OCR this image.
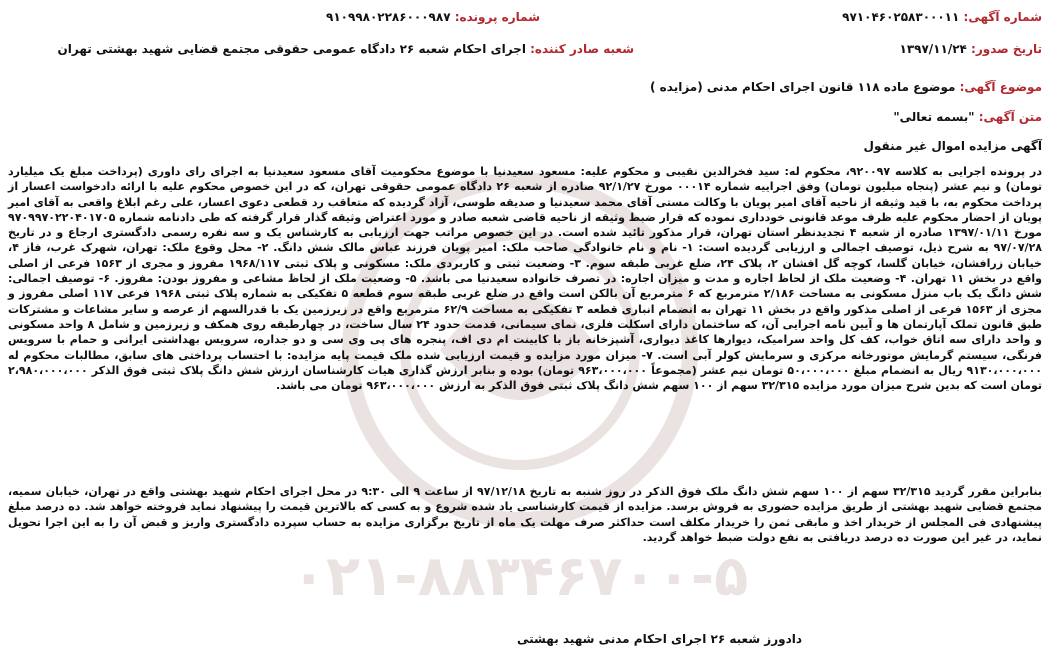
۰۲۱-۸۸۳۴۶۷۰۰-۵
شماره آگهی: ۹۷۱۰۴۶۰۲۵۸۳۰۰۰۱۱
شماره پرونده: ۹۱۰۹۹۸۰۲۲۸۶۰۰۰۹۸۷
تاریخ صدور: ۱۳۹۷/۱۱/۲۴
شعبه صادر کننده: اجرای احکام شعبه ۲۶ دادگاه عمومی حقوقی مجتمع قضایی شهید بهشتی تهران
موضوع آگهی: موضوع ماده ۱۱۸ قانون اجرای احکام مدنی (مزایده )
متن آگهی: "بسمه تعالی"
آگهی مزایده اموال غیر منقول

در پرونده اجرایی به کلاسه ۹۲۰۰۹۷، محکوم له: سید فخرالدین نقیبی و محکوم علیه: مسعود سعیدنیا با موضوع محکومیت آقای مسعود سعیدنیا به اجرای رای داوری (پرداخت مبلغ یک میلیارد تومان) و نیم عشر (پنجاه میلیون تومان) وفق اجراییه شماره ۰۰۰۱۴ مورخ ۹۲/۱/۲۷ صادره از شعبه ۲۶ دادگاه عمومی حقوقی تهران، که در این خصوص محکوم علیه با ارائه دادخواست اعسار از پرداخت محکوم به، با قید وثیقه از ناحیه آقای امیر پویان با وکالت مستی آقای محمد سعیدنیا و صدیقه طوسی، آزاد گردیده که متعاقب رد قطعی دعوی اعسار، علی رغم ابلاغ واقعی به آقای امیر پویان از احضار محکوم علیه ظرف موعد قانونی خودداری نموده که قرار ضبط وثیقه از ناحیه قاضی شعبه صادر و مورد اعتراض وثیقه گذار قرار گرفته که طی دادنامه شماره ۹۷۰۹۹۷۰۲۲۰۴۰۱۷۰۵ مورخ ۱۳۹۷/۰۱/۱۱ صادره از شعبه ۴ تجدیدنظر استان تهران، قرار مذکور تائید شده است. در این خصوص مراتب جهت ارزیابی به کارشناس یک و سه نفره رسمی دادگستری ارجاع و در تاریخ ۹۷/۰۷/۲۸ به شرح ذیل، توصیف اجمالی و ارزیابی گردیده است: ۱- نام و نام خانوادگی صاحب ملک: امیر پویان فرزند عباس مالک شش دانگ. ۲- محل وقوع ملک: تهران، شهرک غرب، فاز ۴، خیابان زرافشان، خیابان گلسا، کوچه گل افشان ۲، پلاک ۲۴، ضلع غربی طبقه سوم. ۳- وضعیت ثبتی و کاربردی ملک: مسکونی و پلاک ثبتی ۱۹۶۸/۱۱۷ مفروز و مجری از ۱۵۶۳ فرعی از اصلی واقع در بخش ۱۱ تهران. ۴- وضعیت ملک از لحاظ اجاره و مدت و میزان اجاره: در تصرف خانواده سعیدنیا می باشد. ۵- وضعیت ملک از لحاظ مشاعی و مفروز بودن: مفروز. ۶- توصیف اجمالی: شش دانگ یک باب منزل مسکونی به مساحت ۲/۱۸۶ مترمربع که ۶ مترمربع آن بالکن است واقع در ضلع غربی طبقه سوم قطعه ۵ تفکیکی به شماره پلاک ثبتی ۱۹۶۸ فرعی ۱۱۷ اصلی مفروز و مجزی از ۱۵۶۳ فرعی از اصلی مذکور واقع در بخش ۱۱ تهران به انضمام انباری قطعه ۳ تفکیکی به مساحت ۶۲/۹ مترمربع واقع در زیرزمین یک با قدرالسهم از عرصه و سایر مشاعات و مشترکات طبق قانون تملک آپارتمان ها و آیین نامه اجرایی آن، که ساختمان دارای اسکلت فلزی، نمای سیمانی، قدمت حدود ۲۴ سال ساخت، در چهارطبقه روی همکف و زیرزمین و شامل ۸ واحد مسکونی و واحد دارای سه اتاق خواب، کف کل واحد سرامیک، دیوارها کاغذ دیواری، آشپزخانه باز با کابینت ام دی اف، پنجره های پی وی سی و دو جداره، سرویس بهداشتی ایرانی و حمام با سرویس فرنگی، سیستم گرمایش موتورخانه مرکزی و سرمایش کولر آبی است. ۷- میزان مورد مزایده و قیمت ارزیابی شده ملک قیمت پایه مزایده: با احتساب پرداختی های سابق، مطالبات محکوم له ۹۱۳۰،۰۰۰،۰۰۰ ریال به انضمام مبلغ ۵۰،۰۰۰،۰۰۰ تومان نیم عشر (مجموعاً ۹۶۳،۰۰۰،۰۰۰ تومان) بوده و بنابر ارزش گذاری هیات کارشناسان ارزش شش دانگ پلاک ثبتی فوق الذکر ۲،۹۸۰،۰۰۰،۰۰۰ تومان است که بدین شرح میزان مورد مزایده ۳۲/۳۱۵ سهم از ۱۰۰ سهم شش دانگ پلاک ثبتی فوق الذکر به ارزش ۹۶۳،۰۰۰،۰۰۰ تومان می باشد.

بنابراین مقرر گردید ۳۲/۳۱۵ سهم از ۱۰۰ سهم شش دانگ ملک فوق الذکر در روز شنبه به تاریخ ۹۷/۱۲/۱۸ از ساعت ۹ الی ۹:۳۰ در محل اجرای احکام شهید بهشتی واقع در تهران، خیابان سمیه، مجتمع قضایی شهید بهشتی از طریق مزایده حضوری به فروش برسد. مزایده از قیمت کارشناسی یاد شده شروع و به کسی که بالاترین قیمت را پیشنهاد نماید فروخته خواهد شد. ده درصد مبلغ پیشنهادی فی المجلس از خریدار اخذ و مابقی ثمن را خریدار مکلف است حداکثر صرف مهلت یک ماه از تاریخ برگزاری مزایده به حساب سپرده دادگستری واریز و قبض آن را به این اجرا تحویل نماید، در غیر این صورت ده درصد دریافتی به نفع دولت ضبط خواهد گردید.

دادورز شعبه ۲۶ اجرای احکام مدنی شهید بهشتی
